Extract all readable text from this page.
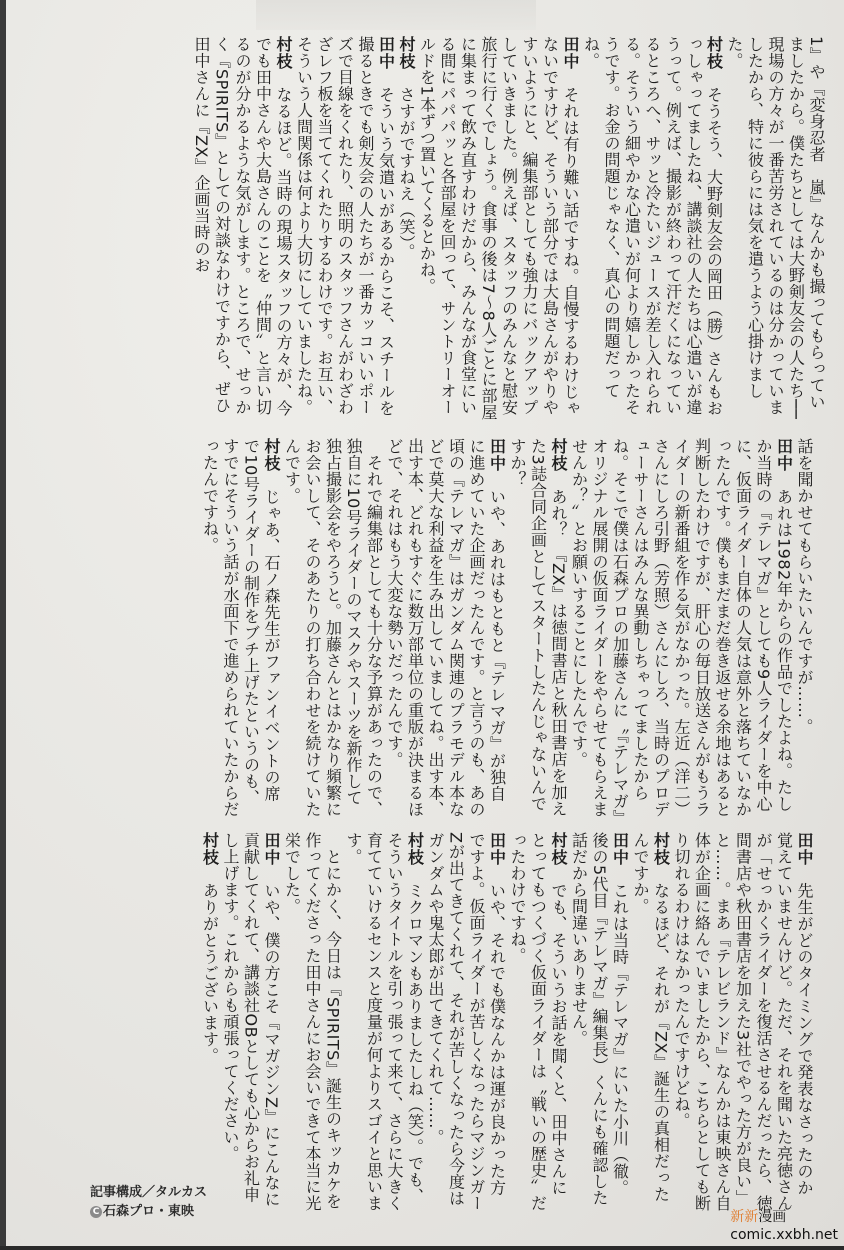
1』や『変身忍者　嵐』なんかも撮ってもらっていましたから。僕たちとしては大野剣友会の人たち──現場の方々が一番苦労されているのは分かっていましたから、特に彼らには気を遣うよう心掛けました。

村枝　そうそう、大野剣友会の岡田（勝）さんもおっしゃってましたね、講談社の人たちは心遣いが違うって。例えば、撮影が終わって汗だくになっているところへ、サッと冷たいジュースが差し入れられる。そういう細やかな心遣いが何より嬉しかったそうです。お金の問題じゃなく、真心の問題だってね。

田中　それは有り難い話ですね。自慢するわけじゃないですけど、そういう部分では大島さんがやりやすいようにと、編集部としても強力にバックアップしていきました。例えば、スタッフのみんなと慰安旅行に行くでしょう。食事の後は7～8人ごとに部屋に集まって飲み直すわけだから、みんなが食堂にいる間にパパパッと各部屋を回って、サントリーオールドを1本ずつ置いてくるとかね。

村枝　さすがですねえ（笑）。

田中　そういう気遣いがあるからこそ、スチールを撮るときでも剣友会の人たちが一番カッコいいポーズで目線をくれたり、照明のスタッフさんがわざわざレフ板を当ててくれたりするわけです。お互い、そういう人間関係は何より大切にしていましたね。

村枝　なるほど。当時の現場スタッフの方々が、今でも田中さんや大島さんのことを〝仲間〟と言い切るのが分かるような気がします。ところで、せっかく『SPIRITS』としての対談なわけですから、ぜひ田中さんに『ZX』企画当時のお

話を聞かせてもらいたいんですが……。

田中　あれは1982年からの作品でしたよね。たしか当時の『テレマガ』としても9人ライダーを中心に、仮面ライダー自体の人気は意外と落ちていなかったんです。僕もまだまだ巻き返せる余地はあると判断したわけですが、肝心の毎日放送さんがもうライダーの新番組を作る気がなかった。左近（洋二）さんにしろ引野（芳照）さんにしろ、当時のプロデューサーさんはみんな異動しちゃってましたからね。そこで僕は石森プロの加藤さんに〝『テレマガ』オリジナル展開の仮面ライダーをやらせてもらえませんか？〟とお願いすることにしたんです。

村枝　あれ？　『ZX』は徳間書店と秋田書店を加えた3誌合同企画としてスタートしたんじゃないんですか？

田中　いや、あれはもともと『テレマガ』が独自に進めていた企画だったんです。と言うのも、あの頃の『テレマガ』はガンダム関連のプラモデル本などで莫大な利益を生み出していましてね。出す本、出す本、どれもすぐに数万部単位の重版が決まるほどで、それはもう大変な勢いだったんです。

　それで編集部としても十分な予算があったので、独自に10号ライダーのマスクやスーツを新作して独占撮影会をやろうと。加藤さんとはかなり頻繁にお会いして、そのあたりの打ち合わせを続けていたんです。

村枝　じゃあ、石ノ森先生がファンイベントの席で10号ライダーの制作をブチ上げたというのも、すでにそういう話が水面下で進められていたからだったんですね。

田中　先生がどのタイミングで発表なさったのか覚えていませんけど。ただ、それを聞いた亮徳さんが「せっかくライダーを復活させるんだったら、徳間書店や秋田書店を加えた3社でやった方が良い」と……。まあ『テレビランド』なんかは東映さん自体が企画に絡んでいましたから、こちらとしても断り切れるわけはなかったんですけどね。

村枝　なるほど、それが『ZX』誕生の真相だったんですか。

田中　これは当時『テレマガ』にいた小川（徹。後の5代目『テレマガ』編集長）くんにも確認した話だから間違いありません。

村枝　でも、そういうお話を聞くと、田中さんにとってもつくづく仮面ライダーは〝戦いの歴史〟だったわけですね。

田中　いや、それでも僕なんかは運が良かった方ですよ。仮面ライダーが苦しくなったらマジンガーZが出てきてくれて、それが苦しくなったら今度はガンダムや鬼太郎が出てきてくれて……。

村枝　ミクロマンもありましたしね（笑）。でも、そういうタイトルを引っ張って来て、さらに大きく育てていけるセンスと度量が何よりスゴイと思います。

　とにかく、今日は『SPIRITS』誕生のキッカケを作ってくださった田中さんにお会いできて本当に光栄でした。

田中　いや、僕の方こそ『マガジンZ』にこんなに貢献してくれて、講談社OBとしても心からお礼申し上げます。これからも頑張ってください。

村枝　ありがとうございます。

記事構成／タルカス
C 石森プロ・東映	新新漫画
comic.xxbh.net
